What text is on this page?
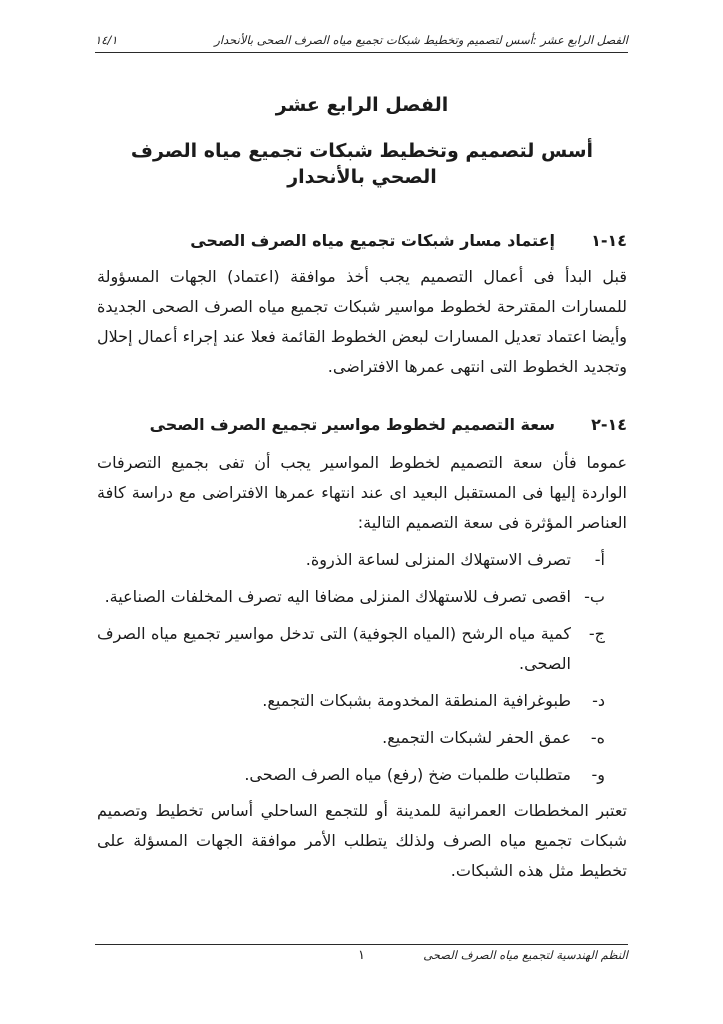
الفصل الرابع عشر :أسس لتصميم وتخطيط شبكات تجميع مياه الصرف الصحى بالأنحدار
١٤/١
الفصل الرابع عشر
أسس لتصميم وتخطيط شبكات تجميع مياه الصرف الصحي بالأنحدار
١٤-١
إعتماد مسار شبكات تجميع مياه الصرف الصحى

قبل البدأ فى أعمال التصميم يجب أخذ موافقة (اعتماد) الجهات المسؤولة للمسارات المقترحة لخطوط مواسير شبكات تجميع مياه الصرف الصحى الجديدة وأيضا اعتماد تعديل المسارات لبعض الخطوط القائمة فعلا عند إجراء أعمال إحلال وتجديد الخطوط التى انتهى عمرها الافتراضى.

١٤-٢
سعة التصميم لخطوط مواسير تجميع الصرف الصحى

عموما فأن سعة التصميم لخطوط المواسير يجب أن تفى بجميع التصرفات الواردة إليها فى المستقبل البعيد اى عند انتهاء عمرها الافتراضى مع دراسة كافة العناصر المؤثرة فى سعة التصميم التالية:

أ-
تصرف الاستهلاك المنزلى لساعة الذروة.
ب-
اقصى تصرف للاستهلاك المنزلى مضافا اليه تصرف المخلفات الصناعية.
ج-
كمية مياه الرشح (المياه الجوفية) التى تدخل مواسير تجميع مياه الصرف الصحى.
د-
طبوغرافية المنطقة المخدومة بشبكات التجميع.
ه-
عمق الحفر لشبكات التجميع.
و-
متطلبات طلمبات ضخ (رفع) مياه الصرف الصحى.

تعتبر المخططات العمرانية للمدينة أو للتجمع الساحلي أساس تخطيط وتصميم شبكات تجميع مياه الصرف ولذلك يتطلب الأمر موافقة الجهات المسؤلة على تخطيط مثل هذه الشبكات.

النظم الهندسية لتجميع مياه الصرف الصحى
١
